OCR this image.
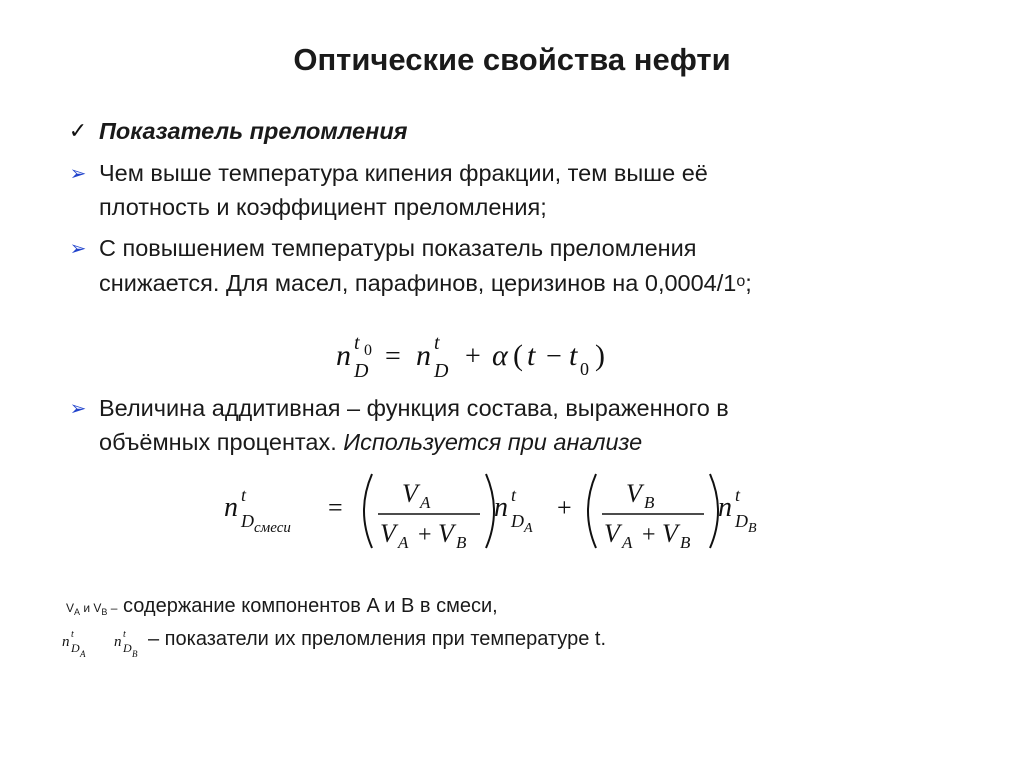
Оптические свойства нефти
✓ Показатель преломления
➢ Чем выше температура кипения фракции, тем выше её
плотность и коэффициент преломления;
➢ С повышением температуры показатель преломления
снижается. Для масел, парафинов, церизинов на $0,0004/1^о$;
n t 0
D = n t
D + α ( t − t 0 )
➢ Величина аддитивная – функция состава, выраженного в
объёмных процентах. Используется при анализе
n t
D смеси
= V A
V A + V B
n t
D A
+ V B
V A + V B
n t
D B
VA и VB – содержание компонентов A и B в смеси,
n t
D A
n t
D B
– показатели их преломления при температуре t.
